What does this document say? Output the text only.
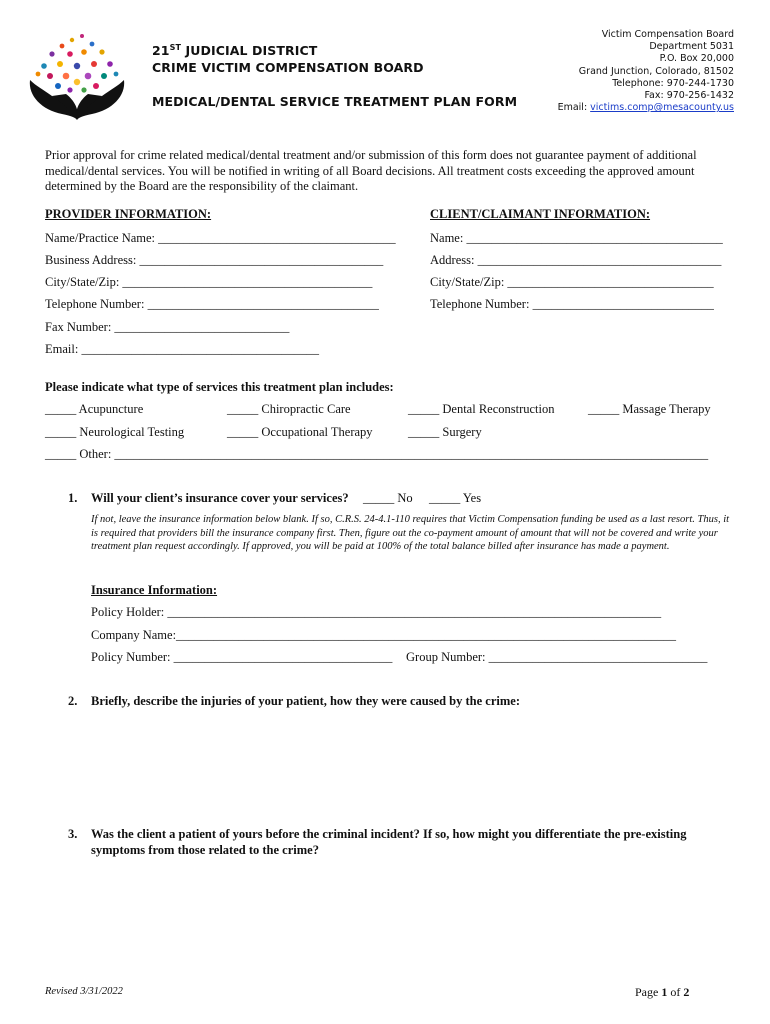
21ST JUDICIAL DISTRICT
CRIME VICTIM COMPENSATION BOARD
MEDICAL/DENTAL SERVICE TREATMENT PLAN FORM
Victim Compensation Board
Department 5031
P.O. Box 20,000
Grand Junction, Colorado, 81502
Telephone: 970-244-1730
Fax: 970-256-1432
Email: victims.comp@mesacounty.us
Prior approval for crime related medical/dental treatment and/or submission of this form does not guarantee payment of additional medical/dental services. You will be notified in writing of all Board decisions. All treatment costs exceeding the approved amount determined by the Board are the responsibility of the claimant.
PROVIDER INFORMATION:
Name/Practice Name: ______________________________________
Business Address: _______________________________________
City/State/Zip: ________________________________________
Telephone Number: _____________________________________
Fax Number: ____________________________
Email: ______________________________________
CLIENT/CLAIMANT INFORMATION:
Name: _________________________________________
Address: _______________________________________
City/State/Zip: _________________________________
Telephone Number: _____________________________
Please indicate what type of services this treatment plan includes:
_____ Acupuncture	_____ Chiropractic Care	_____ Dental Reconstruction	_____ Massage Therapy
_____ Neurological Testing	_____ Occupational Therapy	_____ Surgery
_____ Other: _______________________________________________________________________________________________
1. Will your client’s insurance cover your services? _____ No _____ Yes
If not, leave the insurance information below blank. If so, C.R.S. 24-4.1-110 requires that Victim Compensation funding be used as a last resort. Thus, it is required that providers bill the insurance company first. Then, figure out the co-payment amount of amount that will not be covered and write your treatment plan request accordingly. If approved, you will be paid at 100% of the total balance billed after insurance has made a payment.
Insurance Information:
Policy Holder: _______________________________________________________________________________
Company Name:________________________________________________________________________________
Policy Number: ___________________________________ Group Number: ___________________________________
2. Briefly, describe the injuries of your patient, how they were caused by the crime:
3. Was the client a patient of yours before the criminal incident? If so, how might you differentiate the pre-existing
symptoms from those related to the crime?
Revised 3/31/2022	Page 1 of 2
